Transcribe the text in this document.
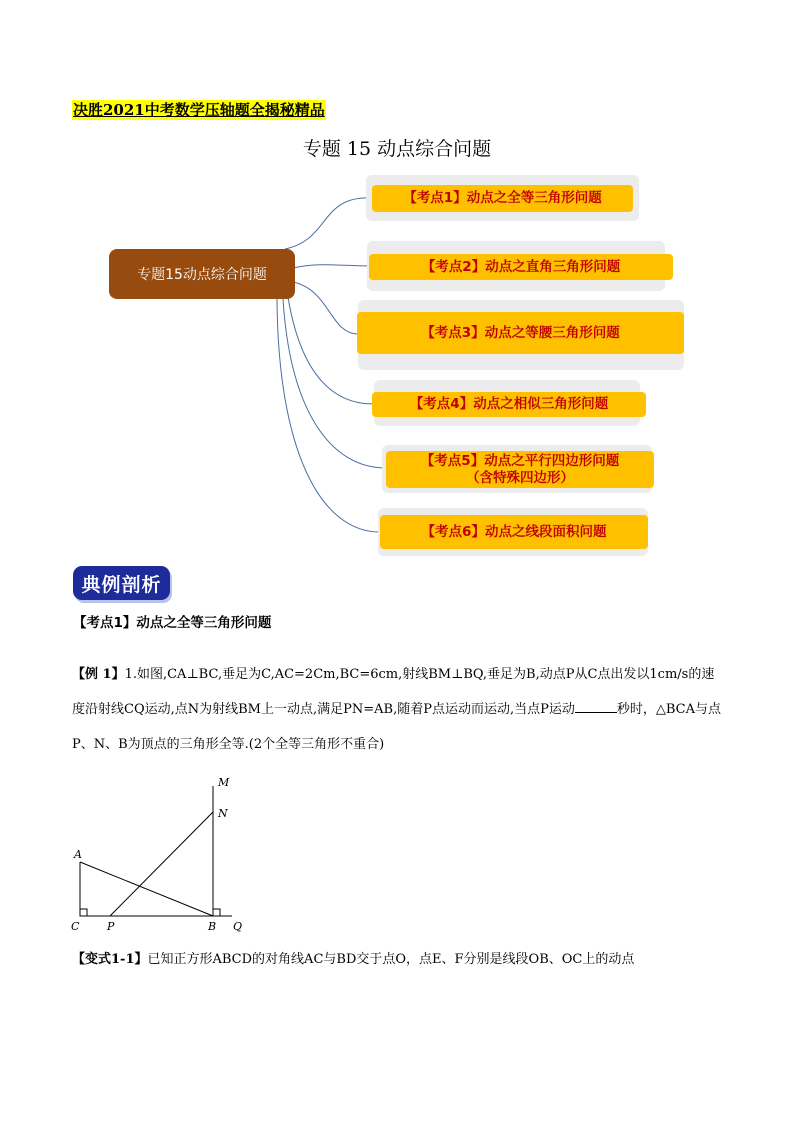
决胜2021中考数学压轴题全揭秘精品
专题 15 动点综合问题
专题15动点综合问题
【考点1】动点之全等三角形问题
【考点2】动点之直角三角形问题
【考点3】动点之等腰三角形问题
【考点4】动点之相似三角形问题
【考点5】动点之平行四边形问题
（含特殊四边形）
【考点6】动点之线段面积问题
典例剖析
【考点1】动点之全等三角形问题
【例 1】1.如图,CA⊥BC,垂足为C,AC=2Cm,BC=6cm,射线BM⊥BQ,垂足为B,动点P从C点出发以1cm/s的速度沿射线CQ运动,点N为射线BM上一动点,满足PN=AB,随着P点运动而运动,当点P运动	秒时，△BCA与点P、N、B为顶点的三角形全等.(2个全等三角形不重合)
M
N
A
C	P	B Q
【变式1-1】已知正方形ABCD的对角线AC与BD交于点O，点E、F分别是线段OB、OC上的动点
